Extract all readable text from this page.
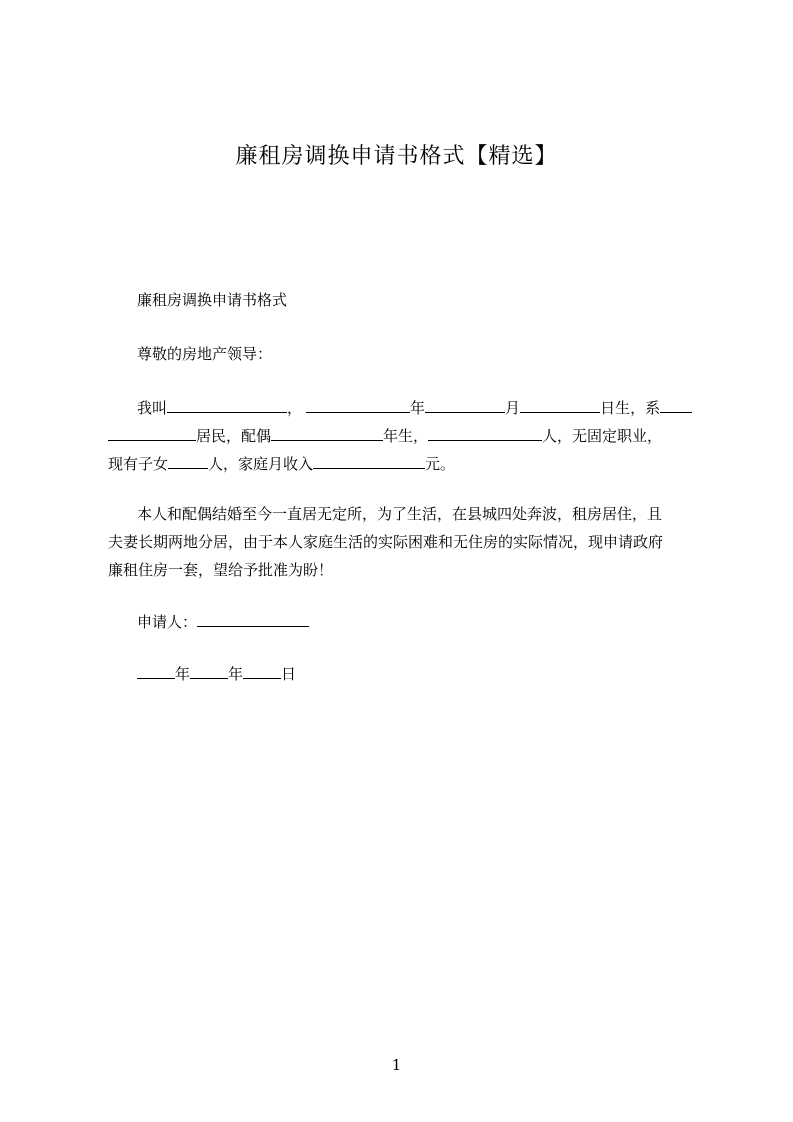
廉租房调换申请书格式【精选】
廉租房调换申请书格式
尊敬的房地产领导：
我叫	，	年	月	日生，系
居民，配偶	年生，	人，无固定职业，
现有子女	人，家庭月收入	元。
本人和配偶结婚至今一直居无定所，为了生活，在县城四处奔波，租房居住，且
夫妻长期两地分居，由于本人家庭生活的实际困难和无住房的实际情况，现申请政府
廉租住房一套，望给予批准为盼！
申请人：
年	年	日
1
